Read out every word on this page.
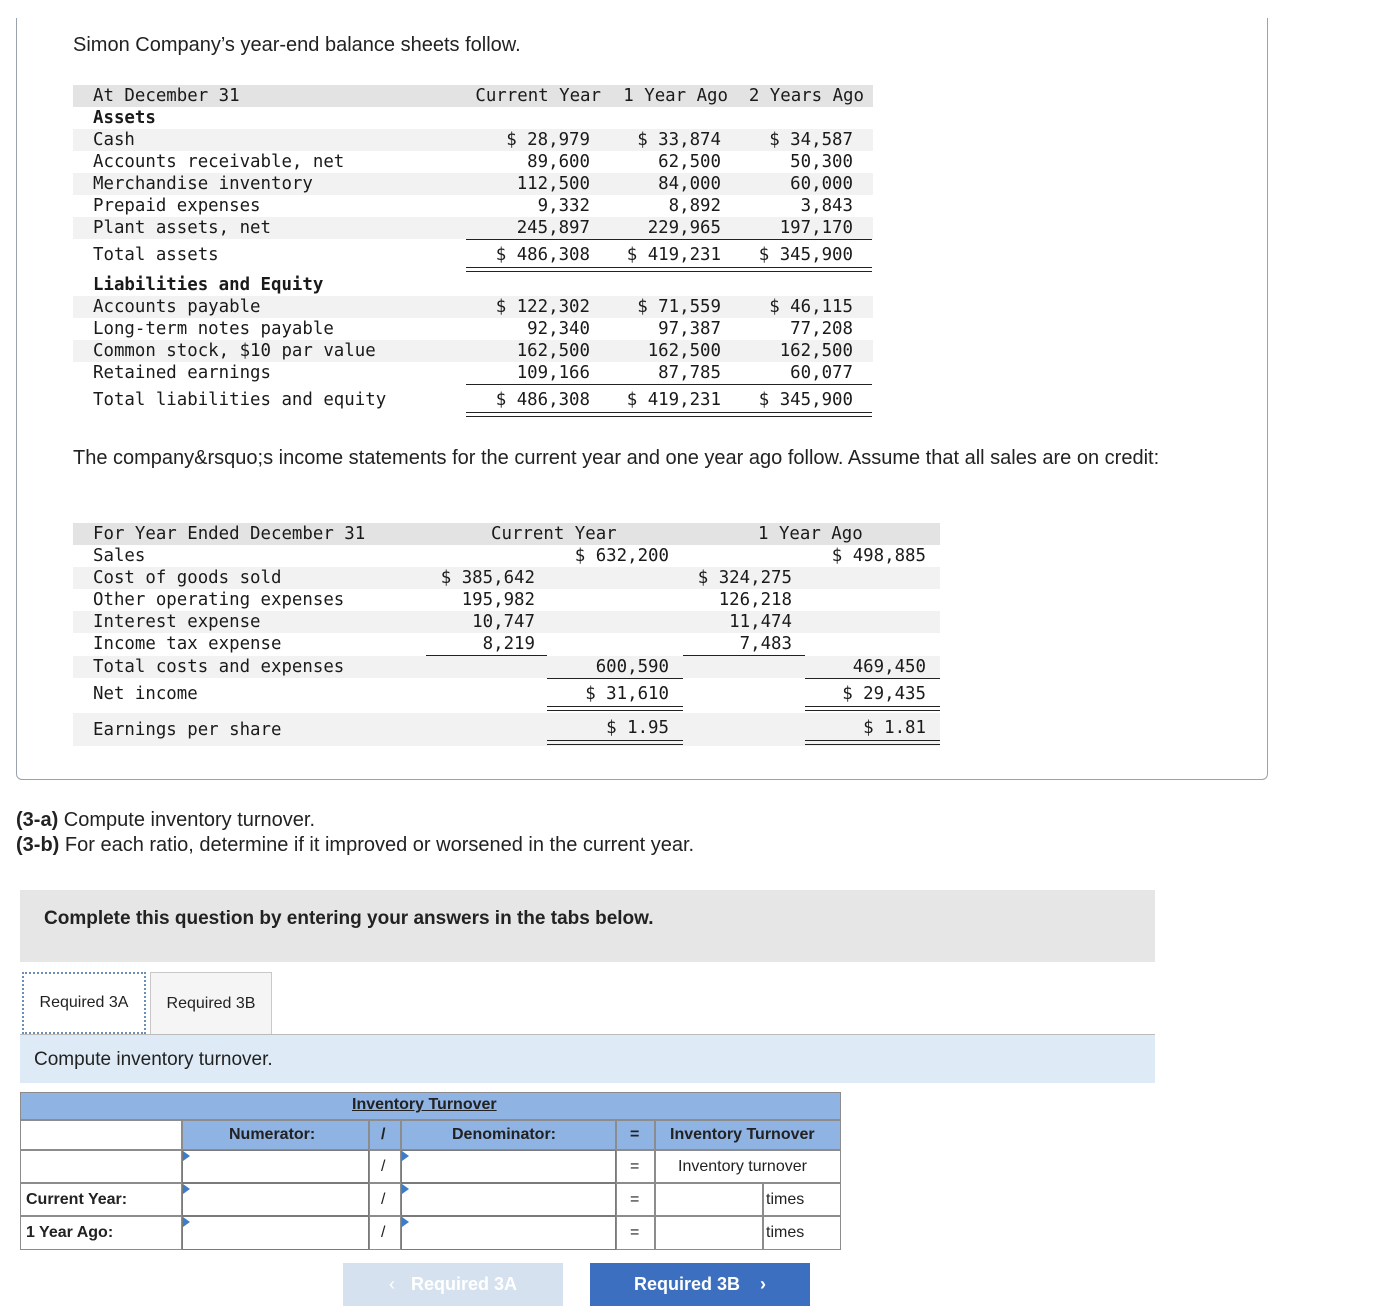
Simon Company’s year-end balance sheets follow.
At December 31	Current Year 1 Year Ago 2 Years Ago
Assets
Cash	$ 28,979	$ 33,874	$ 34,587
Accounts receivable, net	89,600	62,500	50,300
Merchandise inventory	112,500	84,000	60,000
Prepaid expenses	9,332	8,892	3,843
Plant assets, net	245,897	229,965	197,170
Total assets	$ 486,308 $ 419,231 $ 345,900
Liabilities and Equity
Accounts payable	$ 122,302	$ 71,559	$ 46,115
Long-term notes payable	92,340	97,387	77,208
Common stock, $10 par value	162,500	162,500	162,500
Retained earnings	109,166	87,785	60,077
Total liabilities and equity	$ 486,308 $ 419,231 $ 345,900
The company&rsquo;s income statements for the current year and one year ago follow. Assume that all sales are on credit:
For Year Ended December 31	Current Year	1 Year Ago
Sales	$ 632,200	$ 498,885
Cost of goods sold	$ 385,642	$ 324,275
Other operating expenses	195,982	126,218
Interest expense	10,747	11,474
Income tax expense	8,219	7,483
Total costs and expenses	600,590	469,450
Net income	$ 31,610	$ 29,435
Earnings per share	$ 1.95	$ 1.81
(3-a) Compute inventory turnover.
(3-b) For each ratio, determine if it improved or worsened in the current year.
Complete this question by entering your answers in the tabs below.
Required 3A	Required 3B
Compute inventory turnover.
Inventory Turnover
Numerator:	/	Denominator:	= Inventory Turnover
/	= Inventory turnover
Current Year:	/	=	times
1 Year Ago:	/	=	times
‹ Required 3A	Required 3B ›
